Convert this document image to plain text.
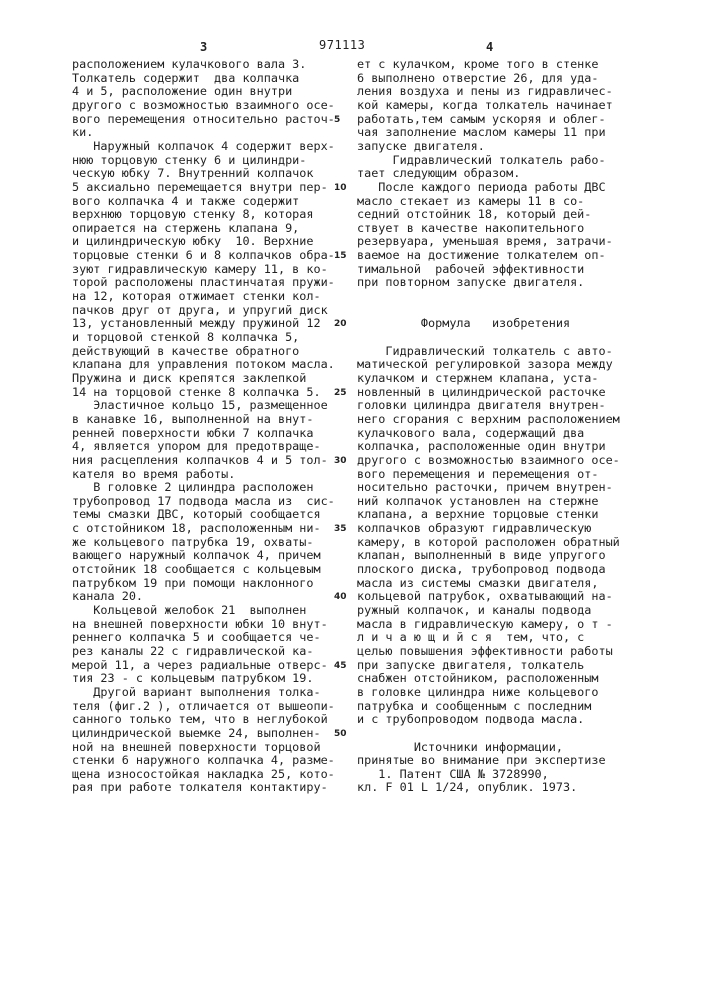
3	971113	4
расположением кулачкового вала 3.
Толкатель содержит  два колпачка
4 и 5, расположение один внутри
другого с возможностью взаимного осе-
вого перемещения относительно расточ-
ки.
Наружный колпачок 4 содержит верх-
нюю торцовую стенку 6 и цилиндри-
ческую юбку 7. Внутренний колпачок
5 аксиально перемещается внутри пер-
вого колпачка 4 и также содержит
верхнюю торцовую стенку 8, которая
опирается на стержень клапана 9,
и цилиндрическую юбку  10. Верхние
торцовые стенки 6 и 8 колпачков обра-
зуют гидравлическую камеру 11, в ко-
торой расположены пластинчатая пружи-
на 12, которая отжимает стенки кол-
пачков друг от друга, и упругий диск
13, установленный между пружиной 12
и торцовой стенкой 8 колпачка 5,
действующий в качестве обратного
клапана для управления потоком масла.
Пружина и диск крепятся заклепкой
14 на торцовой стенке 8 колпачка 5.
Эластичное кольцо 15, размещенное
в канавке 16, выполненной на внут-
ренней поверхности юбки 7 колпачка
4, является упором для предотвраще-
ния расцепления колпачков 4 и 5 тол-
кателя во время работы.
В головке 2 цилиндра расположен
трубопровод 17 подвода масла из  сис-
темы смазки ДВС, который сообщается
с отстойником 18, расположенным ни-
же кольцевого патрубка 19, охваты-
вающего наружный колпачок 4, причем
отстойник 18 сообщается с кольцевым
патрубком 19 при помощи наклонного
канала 20.
Кольцевой желобок 21  выполнен
на внешней поверхности юбки 10 внут-
реннего колпачка 5 и сообщается че-
рез каналы 22 с гидравлической ка-
мерой 11, а через радиальные отверс-
тия 23 - с кольцевым патрубком 19.
Другой вариант выполнения толка-
теля (фиг.2 ), отличается от вышеопи-
санного только тем, что в неглубокой
цилиндрической выемке 24, выполнен-
ной на внешней поверхности торцовой
стенки 6 наружного колпачка 4, разме-
щена износостойкая накладка 25, кото-
рая при работе толкателя контактиру-
ет с кулачком, кроме того в стенке
6 выполнено отверстие 26, для уда-
ления воздуха и пены из гидравличес-
кой камеры, когда толкатель начинает
работать,тем самым ускоряя и облег-
чая заполнение маслом камеры 11 при
запуске двигателя.
Гидравлический толкатель рабо-
тает следующим образом.
После каждого периода работы ДВС
масло стекает из камеры 11 в со-
седний отстойник 18, который дей-
ствует в качестве накопительного
резервуара, уменьшая время, затрачи-
ваемое на достижение толкателем оп-
тимальной  рабочей эффективности
при повторном запуске двигателя.
Формула   изобретения
Гидравлический толкатель с авто-
матической регулировкой зазора между
кулачком и стержнем клапана, уста-
новленный в цилиндрической расточке
головки цилиндра двигателя внутрен-
него сгорания с верхним расположением
кулачкового вала, содержащий два
колпачка, расположенные один внутри
другого с возможностью взаимного осе-
вого перемещения и перемещения от-
носительно расточки, причем внутрен-
ний колпачок установлен на стержне
клапана, а верхние торцовые стенки
колпачков образуют гидравлическую
камеру, в которой расположен обратный
клапан, выполненный в виде упругого
плоского диска, трубопровод подвода
масла из системы смазки двигателя,
кольцевой патрубок, охватывающий на-
ружный колпачок, и каналы подвода
масла в гидравлическую камеру, о т -
л и ч а ю щ и й с я  тем, что, с
целью повышения эффективности работы
при запуске двигателя, толкатель
снабжен отстойником, расположенным
в головке цилиндра ниже кольцевого
патрубка и сообщенным с последним
и с трубопроводом подвода масла.
Источники информации,
принятые во внимание при экспертизе
1. Патент США № 3728990,
кл. F 01 L 1/24, опублик. 1973.
5
10
15
20
25
30
35
40
45
50
